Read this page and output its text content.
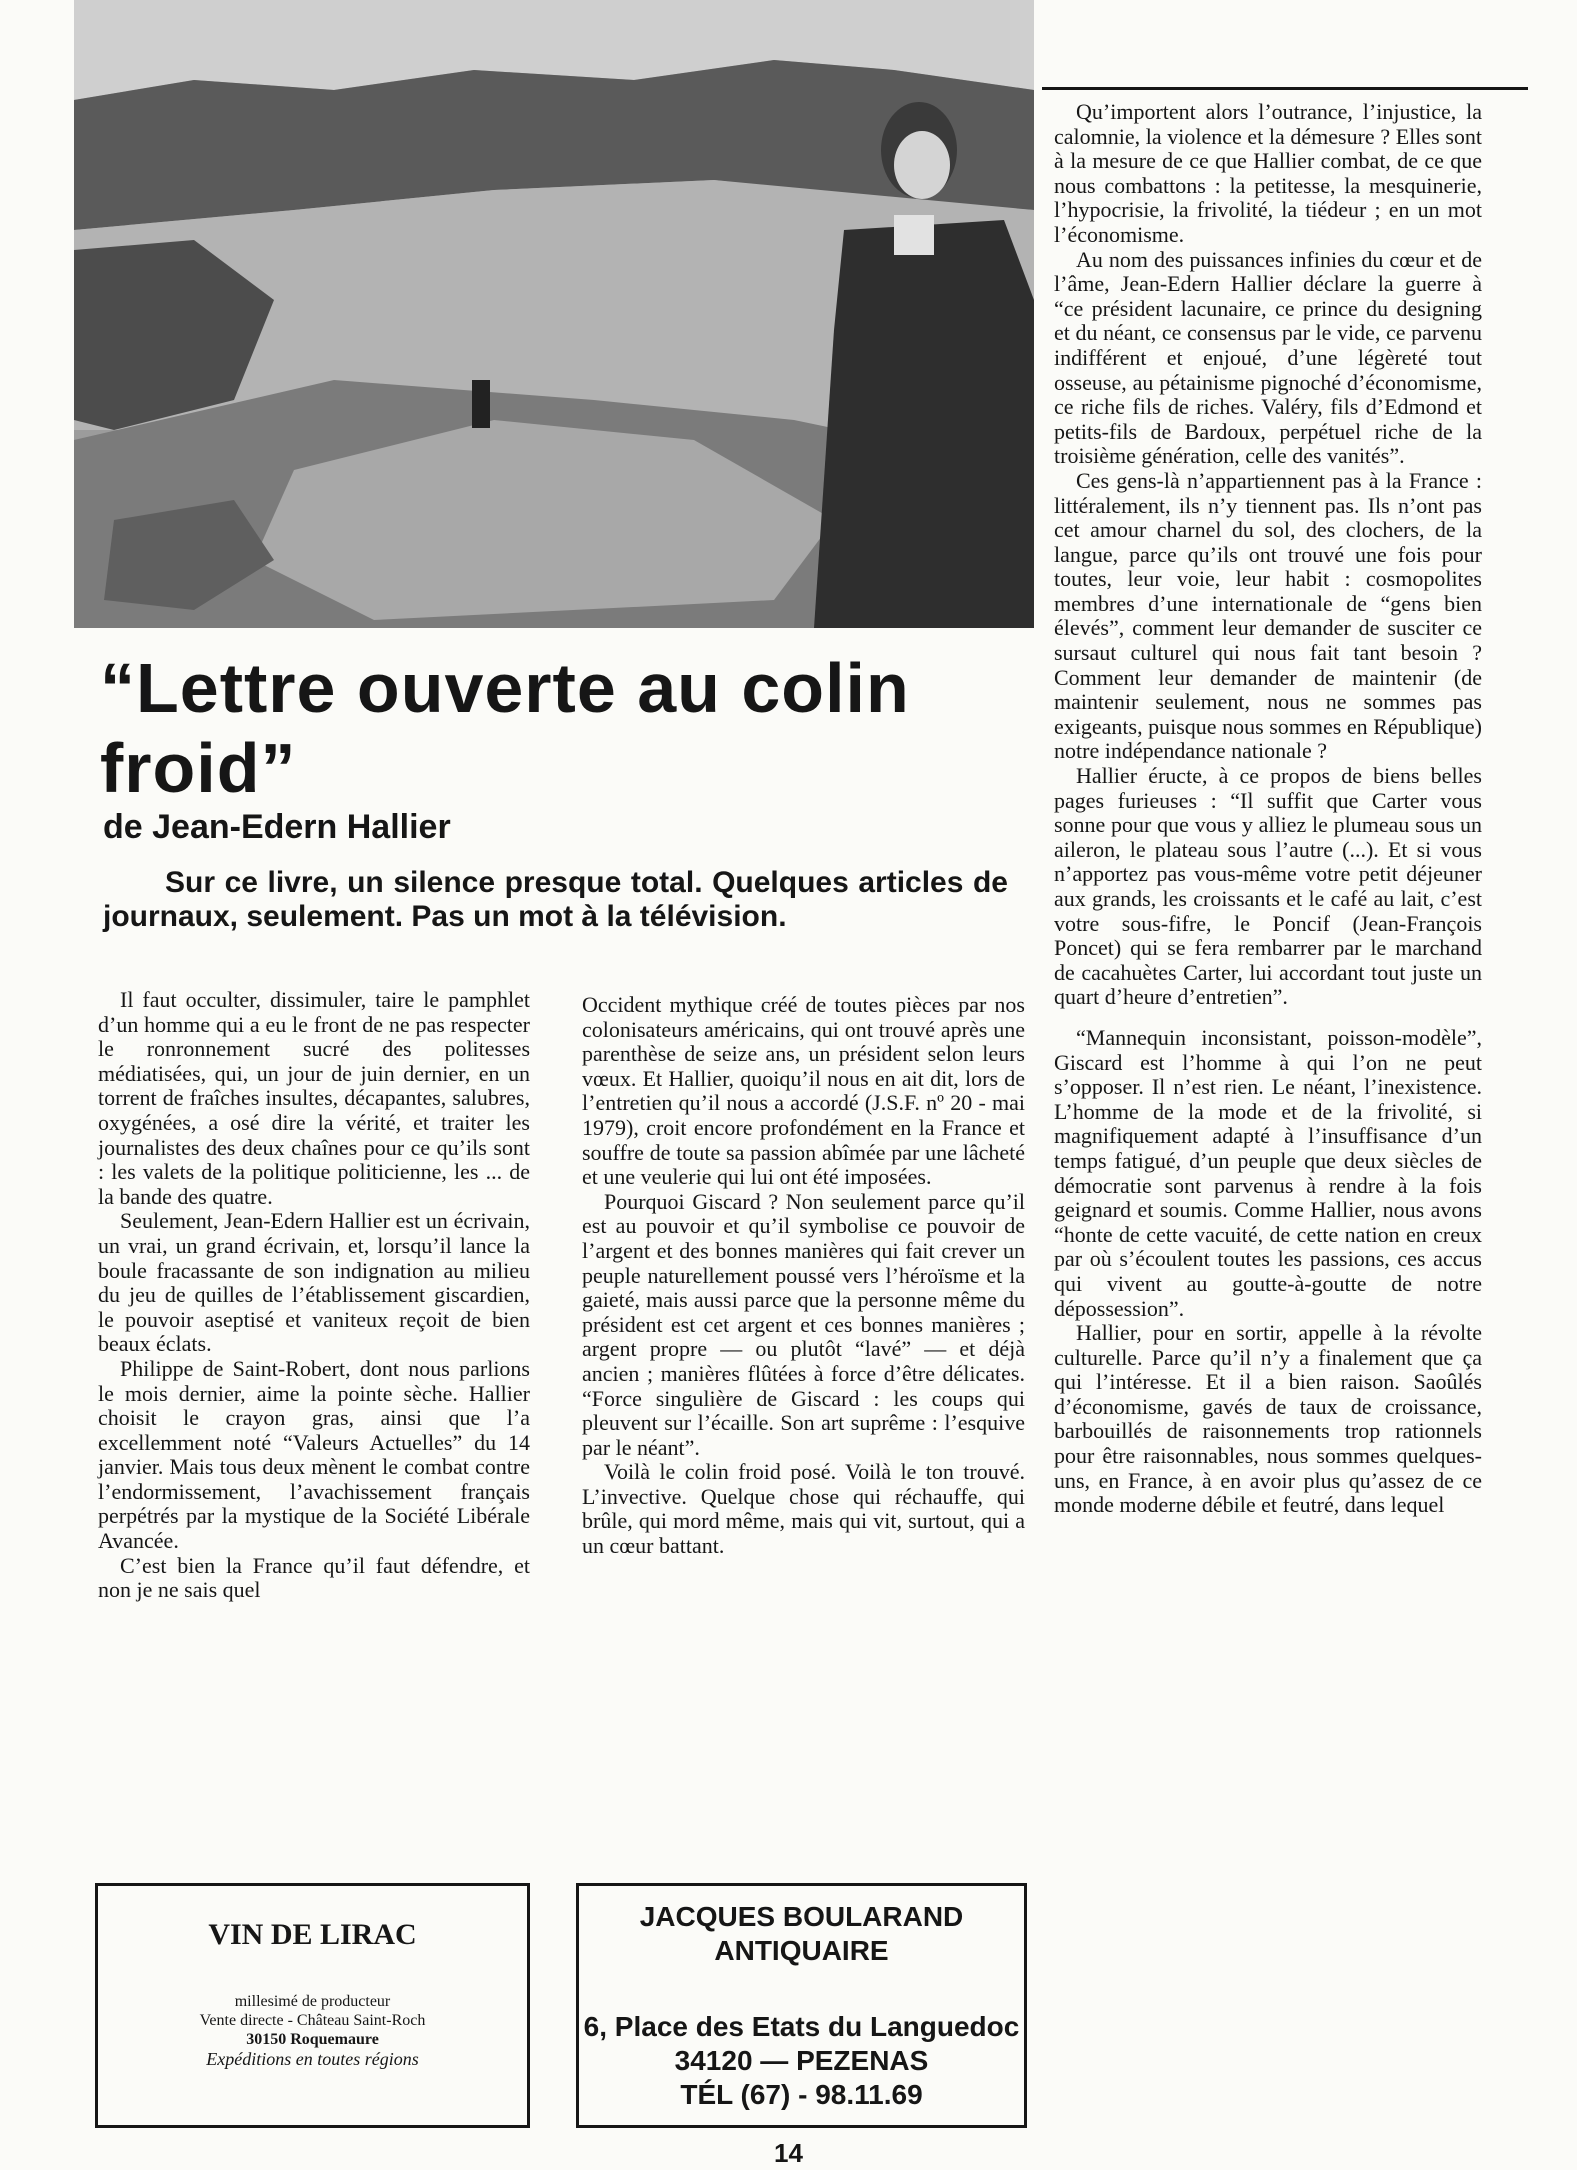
“Lettre ouverte au colin froid”
de Jean-Edern Hallier

Sur ce livre, un silence presque total. Quelques articles de journaux, seulement. Pas un mot à la télévision.

Il faut occulter, dissimuler, taire le pamphlet d’un homme qui a eu le front de ne pas respecter le ronronnement sucré des politesses médiatisées, qui, un jour de juin dernier, en un torrent de fraîches insultes, décapantes, salubres, oxygénées, a osé dire la vérité, et traiter les journalistes des deux chaînes pour ce qu’ils sont : les valets de la politique politicienne, les ... de la bande des quatre.

Seulement, Jean-Edern Hallier est un écrivain, un vrai, un grand écrivain, et, lorsqu’il lance la boule fracassante de son indignation au milieu du jeu de quilles de l’établissement giscardien, le pouvoir aseptisé et vaniteux reçoit de bien beaux éclats.

Philippe de Saint-Robert, dont nous parlions le mois dernier, aime la pointe sèche. Hallier choisit le crayon gras, ainsi que l’a excellemment noté “Valeurs Actuelles” du 14 janvier. Mais tous deux mènent le combat contre l’endormissement, l’avachissement français perpétrés par la mystique de la Société Libérale Avancée.

C’est bien la France qu’il faut défendre, et non je ne sais quel

Occident mythique créé de toutes pièces par nos colonisateurs américains, qui ont trouvé après une parenthèse de seize ans, un président selon leurs vœux. Et Hallier, quoiqu’il nous en ait dit, lors de l’entretien qu’il nous a accordé (J.S.F. nº 20 - mai 1979), croit encore profondément en la France et souffre de toute sa passion abîmée par une lâcheté et une veulerie qui lui ont été imposées.

Pourquoi Giscard ? Non seulement parce qu’il est au pouvoir et qu’il symbolise ce pouvoir de l’argent et des bonnes manières qui fait crever un peuple naturellement poussé vers l’héroïsme et la gaieté, mais aussi parce que la personne même du président est cet argent et ces bonnes manières ; argent propre — ou plutôt “lavé” — et déjà ancien ; manières flûtées à force d’être délicates. “Force singulière de Giscard : les coups qui pleuvent sur l’écaille. Son art suprême : l’esquive par le néant”.

Voilà le colin froid posé. Voilà le ton trouvé. L’invective. Quelque chose qui réchauffe, qui brûle, qui mord même, mais qui vit, surtout, qui a un cœur battant.

Qu’importent alors l’outrance, l’injustice, la calomnie, la violence et la démesure ? Elles sont à la mesure de ce que Hallier combat, de ce que nous combattons : la petitesse, la mesquinerie, l’hypocrisie, la frivolité, la tiédeur ; en un mot l’économisme.

Au nom des puissances infinies du cœur et de l’âme, Jean-Edern Hallier déclare la guerre à “ce président lacunaire, ce prince du designing et du néant, ce consensus par le vide, ce parvenu indifférent et enjoué, d’une légèreté tout osseuse, au pétainisme pignoché d’économisme, ce riche fils de riches. Valéry, fils d’Edmond et petits-fils de Bardoux, perpétuel riche de la troisième génération, celle des vanités”.

Ces gens-là n’appartiennent pas à la France : littéralement, ils n’y tiennent pas. Ils n’ont pas cet amour charnel du sol, des clochers, de la langue, parce qu’ils ont trouvé une fois pour toutes, leur voie, leur habit : cosmopolites membres d’une internationale de “gens bien élevés”, comment leur demander de susciter ce sursaut culturel qui nous fait tant besoin ? Comment leur demander de maintenir (de maintenir seulement, nous ne sommes pas exigeants, puisque nous sommes en République) notre indépendance nationale ?

Hallier éructe, à ce propos de biens belles pages furieuses : “Il suffit que Carter vous sonne pour que vous y alliez le plumeau sous un aileron, le plateau sous l’autre (...). Et si vous n’apportez pas vous-même votre petit déjeuner aux grands, les croissants et le café au lait, c’est votre sous-fifre, le Poncif (Jean-François Poncet) qui se fera rembarrer par le marchand de cacahuètes Carter, lui accordant tout juste un quart d’heure d’entretien”.

“Mannequin inconsistant, poisson-modèle”, Giscard est l’homme à qui l’on ne peut s’opposer. Il n’est rien. Le néant, l’inexistence. L’homme de la mode et de la frivolité, si magnifiquement adapté à l’insuffisance d’un temps fatigué, d’un peuple que deux siècles de démocratie sont parvenus à rendre à la fois geignard et soumis. Comme Hallier, nous avons “honte de cette vacuité, de cette nation en creux par où s’écoulent toutes les passions, ces accus qui vivent au goutte-à-goutte de notre dépossession”.

Hallier, pour en sortir, appelle à la révolte culturelle. Parce qu’il n’y a finalement que ça qui l’intéresse. Et il a bien raison. Saoûlés d’économisme, gavés de taux de croissance, barbouillés de raisonnements trop rationnels pour être raisonnables, nous sommes quelques-uns, en France, à en avoir plus qu’assez de ce monde moderne débile et feutré, dans lequel

VIN DE LIRAC
millesimé de producteur
Vente directe - Château Saint-Roch
30150 Roquemaure
Expéditions en toutes régions
JACQUES BOULARAND
ANTIQUAIRE
6, Place des Etats du Languedoc
34120 — PEZENAS
TÉL (67) - 98.11.69
14
